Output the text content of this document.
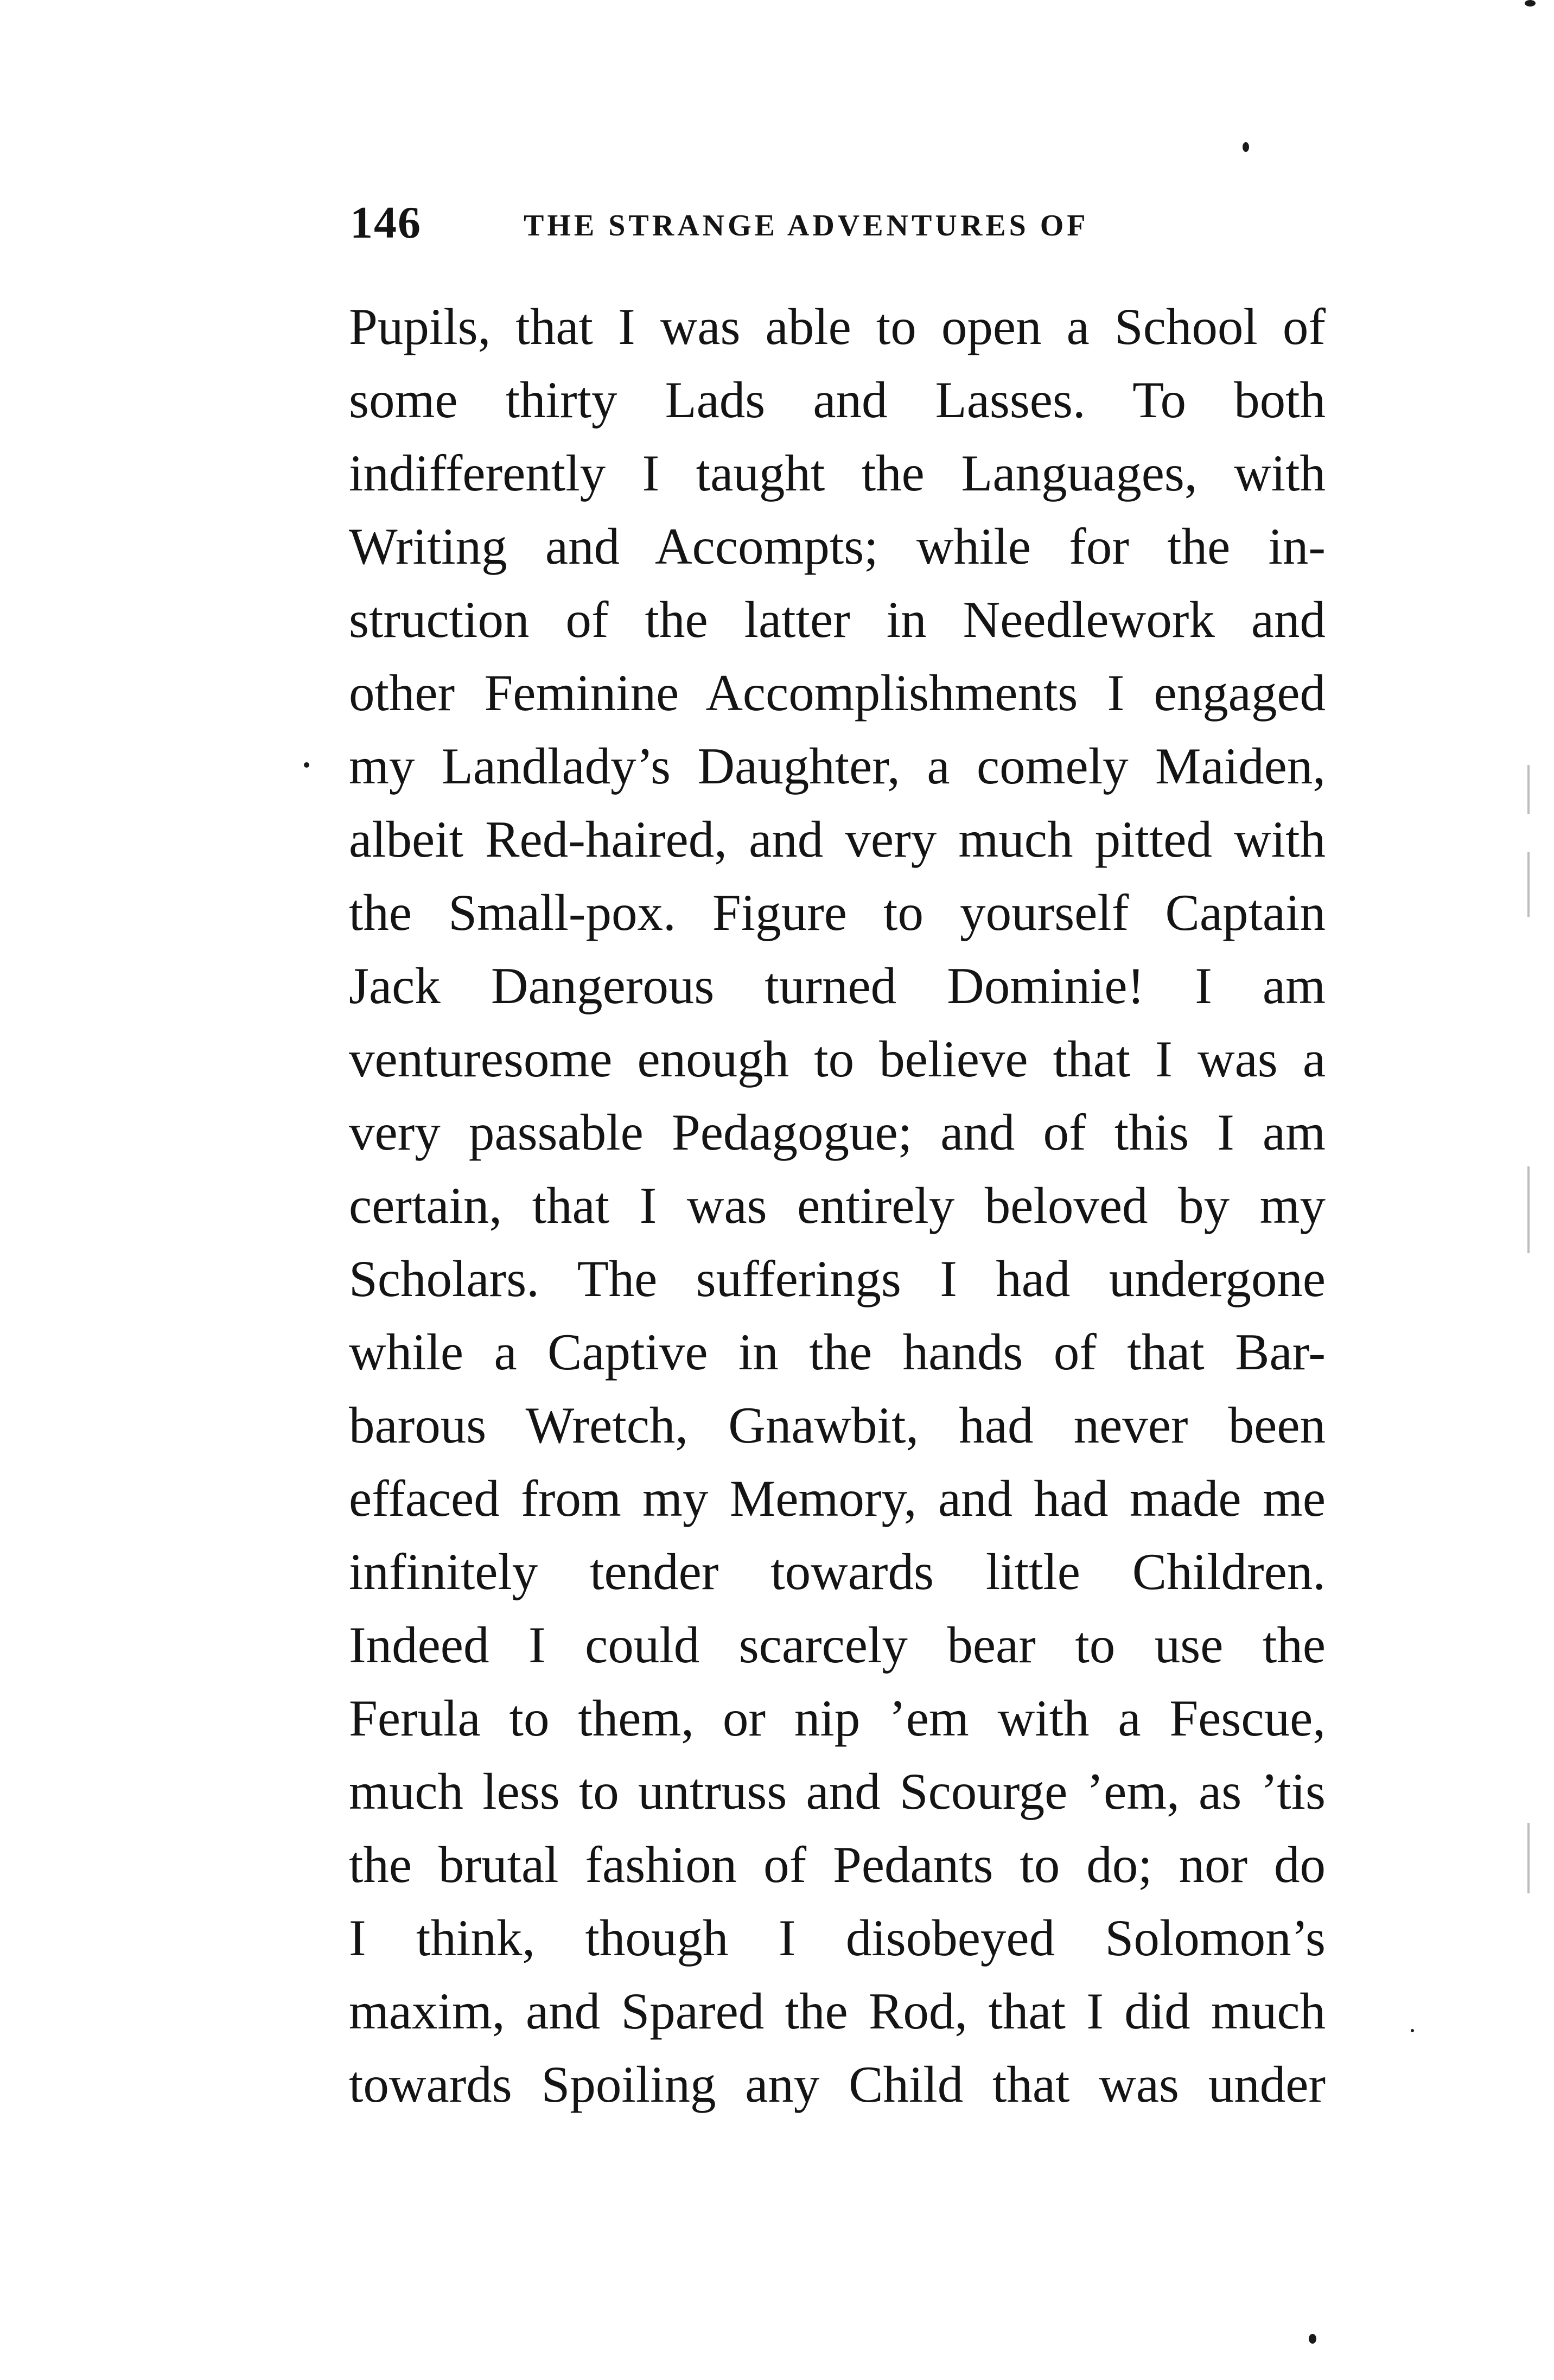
146	THE STRANGE ADVENTURES OF
Pupils, that I was able to open a School of
some thirty Lads and Lasses. To both
indifferently I taught the Languages, with
Writing and Accompts; while for the in-
struction of the latter in Needlework and
other Feminine Accomplishments I engaged
my Landlady’s Daughter, a comely Maiden,
albeit Red-haired, and very much pitted with
the Small-pox. Figure to yourself Captain
Jack Dangerous turned Dominie! I am
venturesome enough to believe that I was a
very passable Pedagogue; and of this I am
certain, that I was entirely beloved by my
Scholars. The sufferings I had undergone
while a Captive in the hands of that Bar-
barous Wretch, Gnawbit, had never been
effaced from my Memory, and had made me
infinitely tender towards little Children.
Indeed I could scarcely bear to use the
Ferula to them, or nip ’em with a Fescue,
much less to untruss and Scourge ’em, as ’tis
the brutal fashion of Pedants to do; nor do
I think, though I disobeyed Solomon’s
maxim, and Spared the Rod, that I did much
towards Spoiling any Child that was under
